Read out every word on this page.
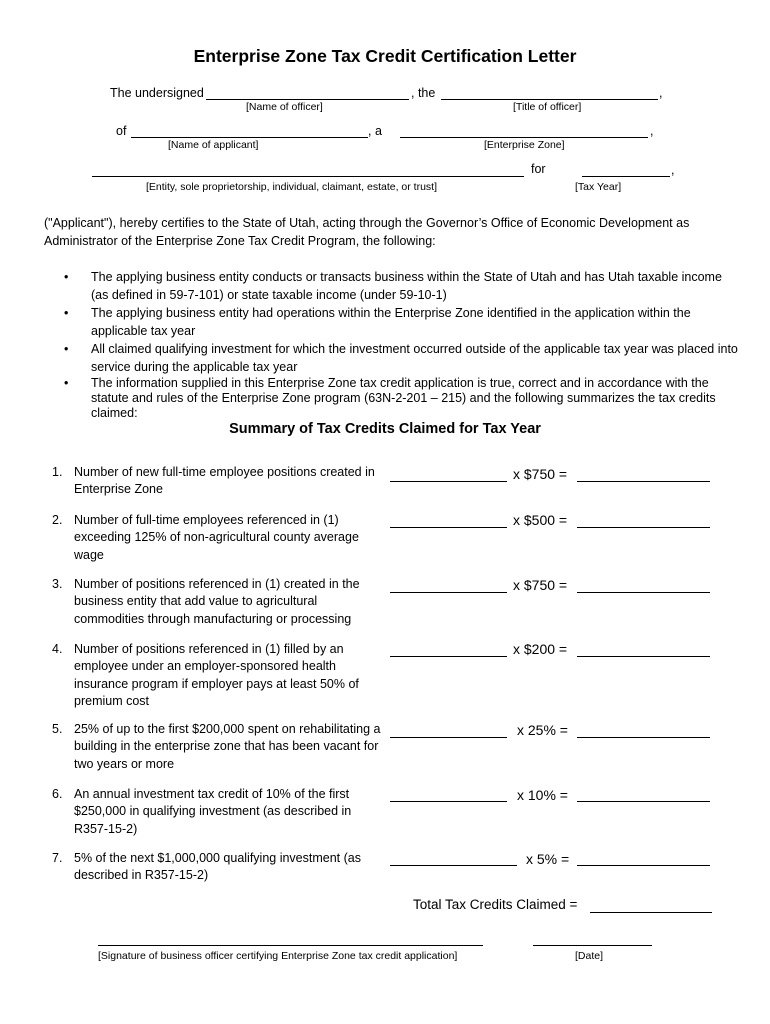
Enterprise Zone Tax Credit Certification Letter
The undersigned	, the	,
[Name of officer]	[Title of officer]
of	, a	,
[Name of applicant]	[Enterprise Zone]
for	,
[Entity, sole proprietorship, individual, claimant, estate, or trust]	[Tax Year]
("Applicant"), hereby certifies to the State of Utah, acting through the Governor’s Office of Economic Development as Administrator of the Enterprise Zone Tax Credit Program, the following:
• The applying business entity conducts or transacts business within the State of Utah and has Utah taxable income (as defined in 59-7-101) or state taxable income (under 59-10-1)
• The applying business entity had operations within the Enterprise Zone identified in the application within the applicable tax year
• All claimed qualifying investment for which the investment occurred outside of the applicable tax year was placed into service during the applicable tax year
• The information supplied in this Enterprise Zone tax credit application is true, correct and in accordance with the statute and rules of the Enterprise Zone program (63N-2-201 – 215) and the following summarizes the tax credits claimed:
Summary of Tax Credits Claimed for Tax Year
1. Number of new full-time employee positions created in Enterprise Zone
x $750 =
2. Number of full-time employees referenced in (1) exceeding 125% of non-agricultural county average wage
x $500 =
3. Number of positions referenced in (1) created in the business entity that add value to agricultural commodities through manufacturing or processing
x $750 =
4. Number of positions referenced in (1) filled by an employee under an employer-sponsored health insurance program if employer pays at least 50% of premium cost
x $200 =
5. 25% of up to the first $200,000 spent on rehabilitating a building in the enterprise zone that has been vacant for two years or more
x 25% =
6. An annual investment tax credit of 10% of the first $250,000 in qualifying investment (as described in R357-15-2)
x 10% =
7. 5% of the next $1,000,000 qualifying investment (as described in R357-15-2)
x 5% =
Total Tax Credits Claimed =
[Signature of business officer certifying Enterprise Zone tax credit application]	[Date]
